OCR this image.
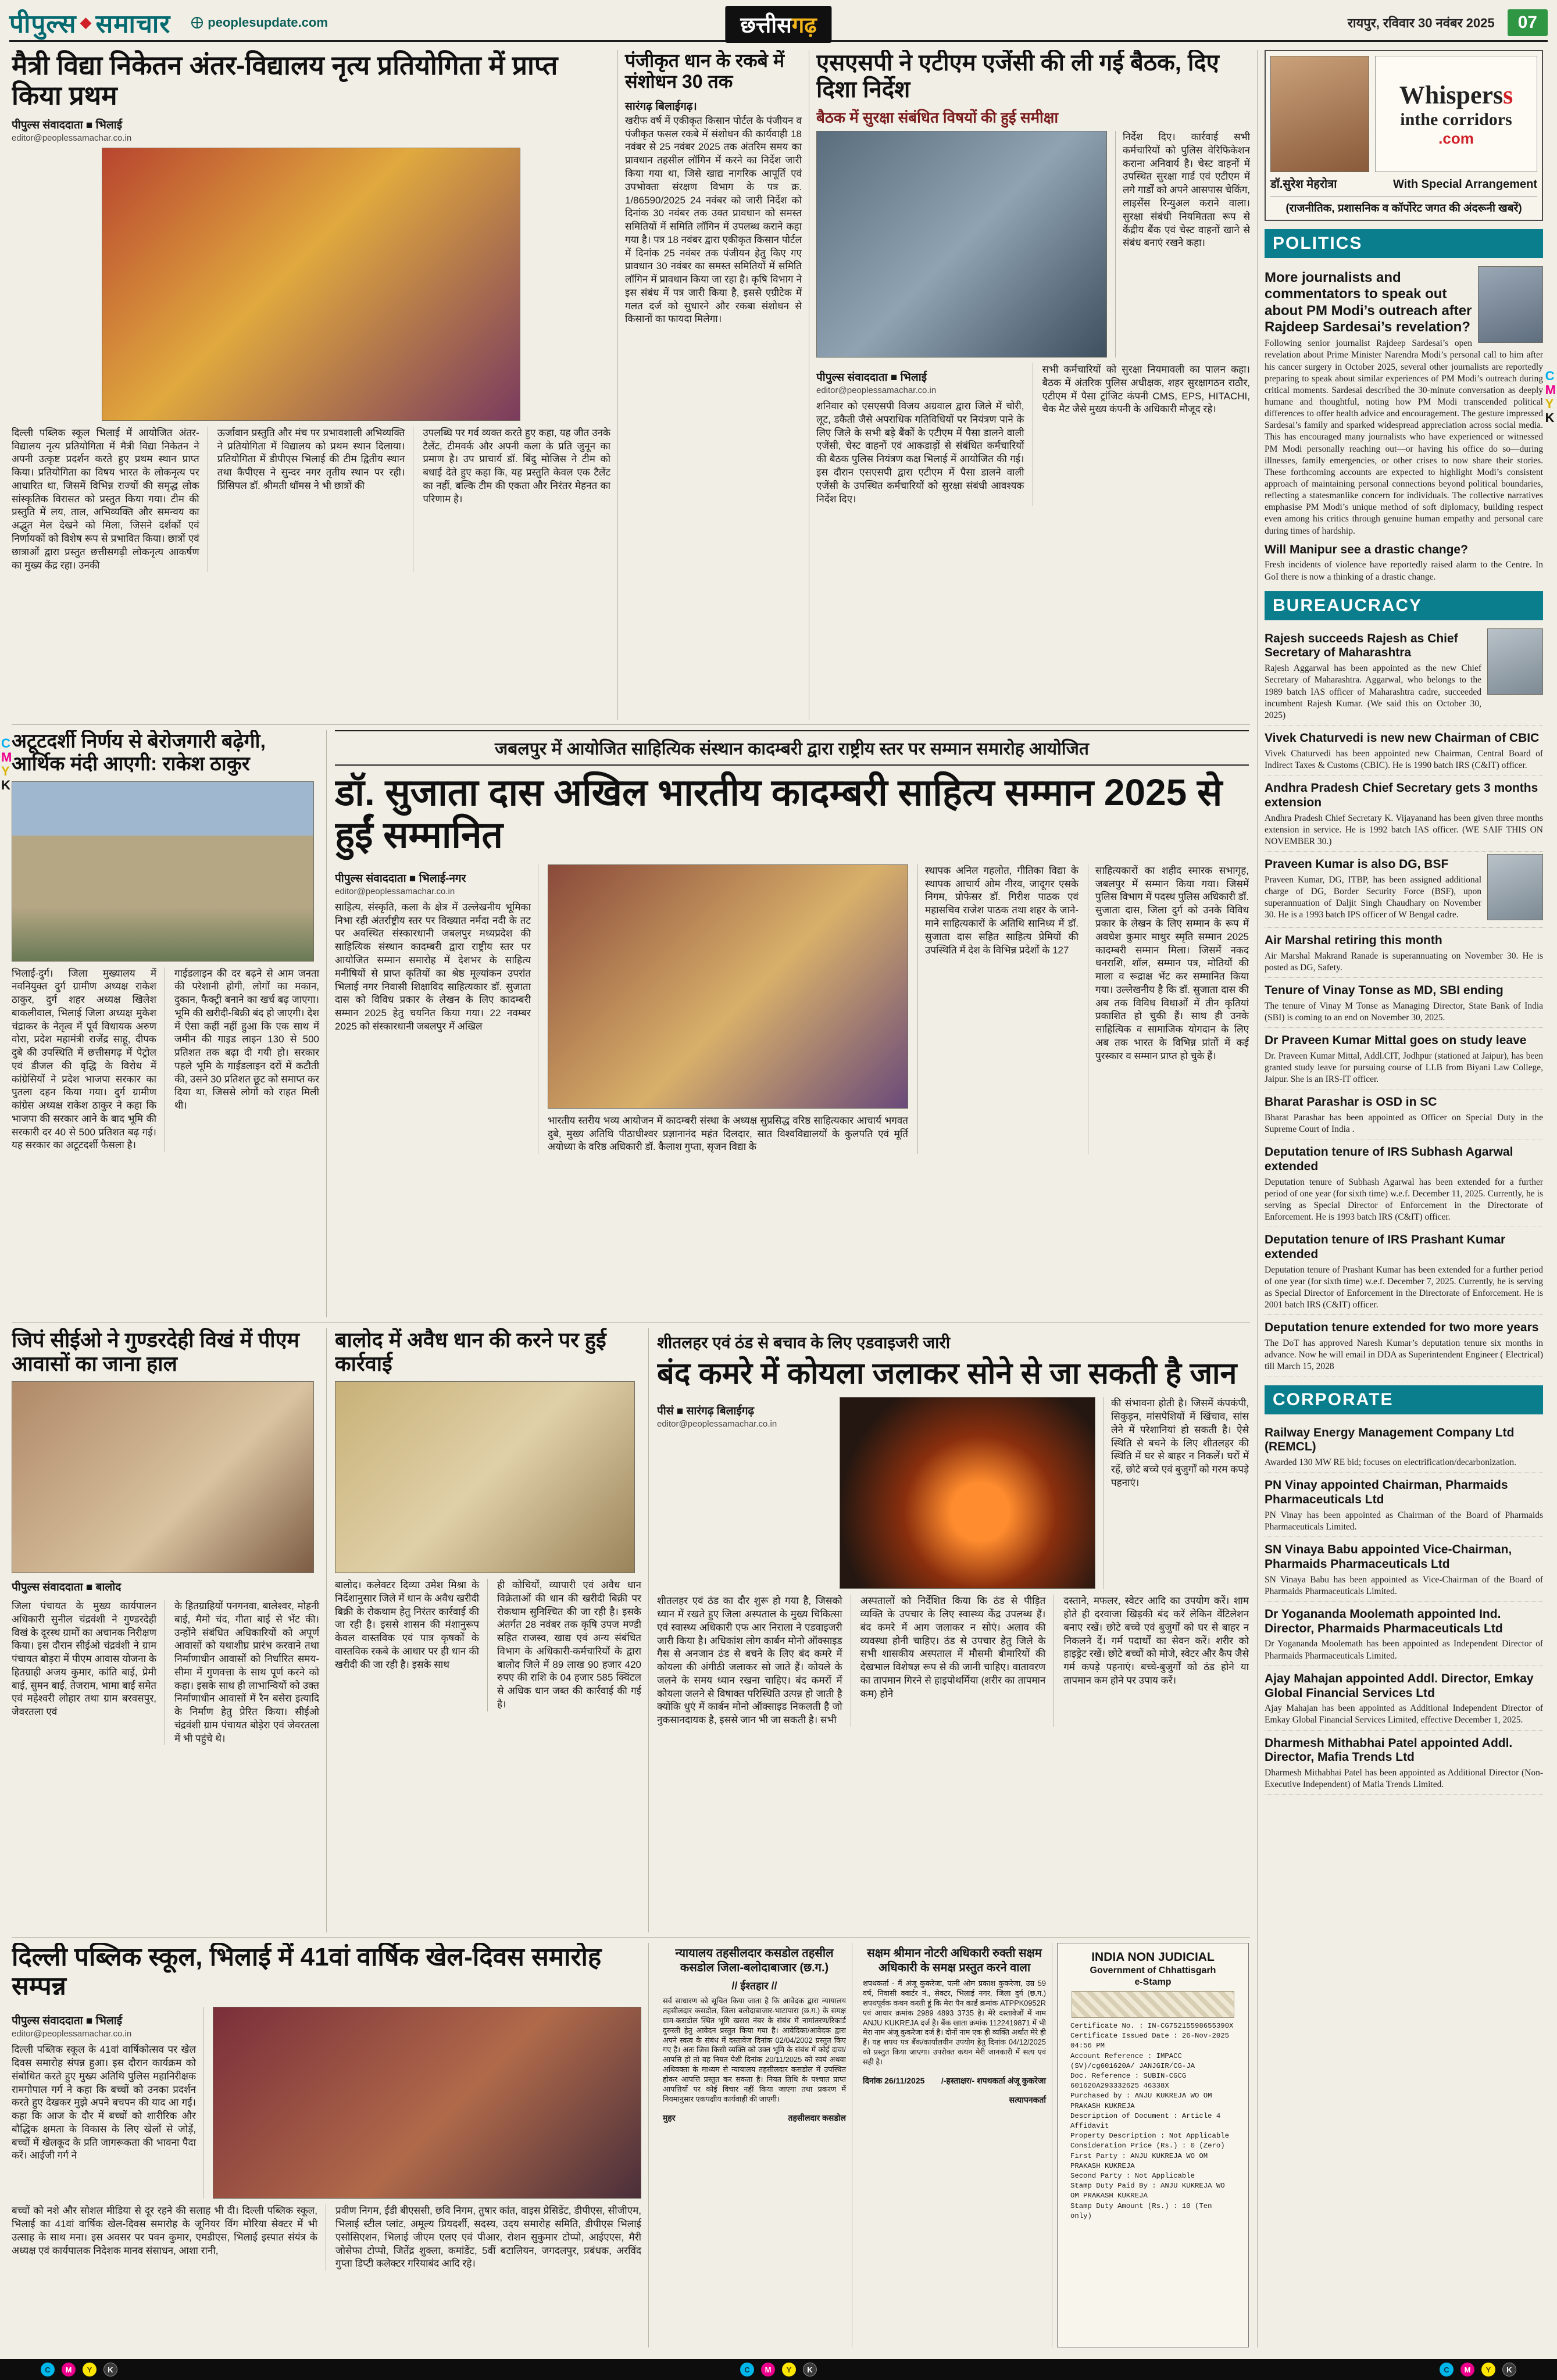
पीपुल्स ◆ समाचार	peoplesupdate.com	छत्तीसगढ़	रायपुर, रविवार 30 नवंबर 2025	07
मैत्री विद्या निकेतन अंतर-विद्यालय नृत्य प्रतियोगिता में प्राप्त किया प्रथम
पीपुल्स संवाददाता ■ भिलाई
editor@peoplessamachar.co.in
दिल्ली पब्लिक स्कूल भिलाई में आयोजित अंतर-विद्यालय नृत्य प्रतियोगिता में मैत्री विद्या निकेतन ने अपनी उत्कृष्ट प्रदर्शन करते हुए प्रथम स्थान प्राप्त किया। प्रतियोगिता का विषय भारत के लोकनृत्य पर आधारित था, जिसमें विभिन्न राज्यों की समृद्ध लोक सांस्कृतिक विरासत को प्रस्तुत किया गया। टीम की प्रस्तुति में लय, ताल, अभिव्यक्ति और समन्वय का अद्भुत मेल देखने को मिला, जिसने दर्शकों एवं निर्णायकों को विशेष रूप से प्रभावित किया। छात्रों एवं छात्राओं द्वारा प्रस्तुत छत्तीसगढ़ी लोकनृत्य आकर्षण का मुख्य केंद्र रहा। उनकी
ऊर्जावान प्रस्तुति और मंच पर प्रभावशाली अभिव्यक्ति ने प्रतियोगिता में विद्यालय को प्रथम स्थान दिलाया। प्रतियोगिता में डीपीएस भिलाई की टीम द्वितीय स्थान तथा कैपीएस ने सुन्दर नगर तृतीय स्थान पर रही। प्रिंसिपल डॉ. श्रीमती थॉमस ने भी छात्रों की
उपलब्धि पर गर्व व्यक्त करते हुए कहा, यह जीत उनके टैलेंट, टीमवर्क और अपनी कला के प्रति जुनून का प्रमाण है। उप प्राचार्य डॉ. बिंदु मोजिस ने टीम को बधाई देते हुए कहा कि, यह प्रस्तुति केवल एक टैलेंट का नहीं, बल्कि टीम की एकता और निरंतर मेहनत का परिणाम है।
पंजीकृत धान के रकबे में संशोधन 30 तक
सारंगढ़ बिलाईगढ़।
खरीफ वर्ष में एकीकृत किसान पोर्टल के पंजीयन व पंजीकृत फसल रकबे में संशोधन की कार्यवाही 18 नवंबर से 25 नवंबर 2025 तक अंतरिम समय का प्रावधान तहसील लॉगिन में करने का निर्देश जारी किया गया था, जिसे खाद्य नागरिक आपूर्ति एवं उपभोक्ता संरक्षण विभाग के पत्र क्र. 1/86590/2025 24 नवंबर को जारी निर्देश को दिनांक 30 नवंबर तक उक्त प्रावधान को समस्त समितियों में समिति लॉगिन में उपलब्ध कराने कहा गया है। पत्र 18 नवंबर द्वारा एकीकृत किसान पोर्टल में दिनांक 25 नवंबर तक पंजीयन हेतु किए गए प्रावधान 30 नवंबर का समस्त समितियों में समिति लॉगिन में प्रावधान किया जा रहा है। कृषि विभाग ने इस संबंध में पत्र जारी किया है, इससे एग्रीटेक में गलत दर्ज को सुधारने और रकबा संशोधन से किसानों का फायदा मिलेगा।
एसएसपी ने एटीएम एजेंसी की ली गई बैठक, दिए दिशा निर्देश
बैठक में सुरक्षा संबंधित विषयों की हुई समीक्षा
निर्देश दिए। कार्रवाई सभी कर्मचारियों को पुलिस वेरिफिकेशन कराना अनिवार्य है। चेस्ट वाहनों में उपस्थित सुरक्षा गार्ड एवं एटीएम में लगे गार्डों को अपने आसपास चेकिंग, लाइसेंस रिन्युअल कराने वाला। सुरक्षा संबंधी नियमितता रूप से केंद्रीय बैंक एवं चेस्ट वाहनों खाने से संबंध बनाएं रखने कहा।
पीपुल्स संवाददाता ■ भिलाई
editor@peoplessamachar.co.in
शनिवार को एसएसपी विजय अग्रवाल द्वारा जिले में चोरी, लूट, डकैती जैसे अपराधिक गतिविधियों पर नियंत्रण पाने के लिए जिले के सभी बड़े बैंकों के एटीएम में पैसा डालने वाली एजेंसी, चेस्ट वाहनों एवं आकडाड़ों से संबंधित कर्मचारियों की बैठक पुलिस नियंत्रण कक्ष भिलाई में आयोजित की गई। इस दौरान एसएसपी द्वारा एटीएम में पैसा डालने वाली एजेंसी के उपस्थित कर्मचारियों को सुरक्षा संबंधी आवश्यक निर्देश दिए।
सभी कर्मचारियों को सुरक्षा नियमावली का पालन कहा। बैठक में अंतरिक पुलिस अधीक्षक, शहर सुरक्षागठन राठौर, एटीएम में पैसा ट्रांजिट कंपनी CMS, EPS, HITACHI, चैक मैट जैसे मुख्य कंपनी के अधिकारी मौजूद रहे।
अटूटदर्शी निर्णय से बेरोजगारी बढ़ेगी, आर्थिक मंदी आएगी: राकेश ठाकुर
भिलाई-दुर्ग। जिला मुख्यालय में नवनियुक्त दुर्ग ग्रामीण अध्यक्ष राकेश ठाकुर, दुर्ग शहर अध्यक्ष खिलेश बाकलीवाल, भिलाई जिला अध्यक्ष मुकेश चंद्राकर के नेतृत्व में पूर्व विधायक अरुण वोरा, प्रदेश महामंत्री राजेंद्र साहू, दीपक दुबे की उपस्थिति में छत्तीसगढ़ में पेट्रोल एवं डीजल की वृद्धि के विरोध में कांग्रेसियों ने प्रदेश भाजपा सरकार का पुतला दहन किया गया। दुर्ग ग्रामीण कांग्रेस अध्यक्ष राकेश ठाकुर ने कहा कि भाजपा की सरकार आने के बाद भूमि की सरकारी दर 40 से 500 प्रतिशत बढ़ गई। यह सरकार का अटूटदर्शी फैसला है।
गाईडलाइन की दर बढ़ने से आम जनता की परेशानी होगी, लोगों का मकान, दुकान, फैक्ट्री बनाने का खर्च बढ़ जाएगा। भूमि की खरीदी-बिक्री बंद हो जाएगी। देश में ऐसा कहीं नहीं हुआ कि एक साथ में जमीन की गाइड लाइन 130 से 500 प्रतिशत तक बढ़ा दी गयी हो। सरकार पहले भूमि के गाईडलाइन दरों में कटौती की, उसने 30 प्रतिशत छूट को समाप्त कर दिया था, जिससे लोगों को राहत मिली थी।
जबलपुर में आयोजित साहित्यिक संस्थान कादम्बरी द्वारा राष्ट्रीय स्तर पर सम्मान समारोह आयोजित
डॉ. सुजाता दास अखिल भारतीय कादम्बरी साहित्य सम्मान 2025 से हुईं सम्मानित
पीपुल्स संवाददाता ■ भिलाई-नगर
editor@peoplessamachar.co.in
साहित्य, संस्कृति, कला के क्षेत्र में उल्लेखनीय भूमिका निभा रही अंतर्राष्ट्रीय स्तर पर विख्यात नर्मदा नदी के तट पर अवस्थित संस्कारधानी जबलपुर मध्यप्रदेश की साहित्यिक संस्थान कादम्बरी द्वारा राष्ट्रीय स्तर पर आयोजित सम्मान समारोह में देशभर के साहित्य मनीषियों से प्राप्त कृतियों का श्रेष्ठ मूल्यांकन उपरांत भिलाई नगर निवासी शिक्षाविद साहित्यकार डॉ. सुजाता दास को विविध प्रकार के लेखन के लिए कादम्बरी सम्मान 2025 हेतु चयनित किया गया। 22 नवम्बर 2025 को संस्कारधानी जबलपुर में अखिल
भारतीय स्तरीय भव्य आयोजन में कादम्बरी संस्था के अध्यक्ष सुप्रसिद्ध वरिष्ठ साहित्यकार आचार्य भगवत दुबे, मुख्य अतिथि पीठाधीश्वर प्रज्ञानानंद महंत दिलदार, सात विश्वविद्यालयों के कुलपति एवं मूर्ति अयोध्या के वरिष्ठ अधिकारी डॉ. कैलाश गुप्ता, सृजन विद्या के
स्थापक अनिल गहलोत, गीतिका विद्या के स्थापक आचार्य ओम नीरव, जादूगर एसके निगम, प्रोफेसर डॉ. गिरीश पाठक एवं महासचिव राजेश पाठक तथा शहर के जाने-माने साहित्यकारों के अतिथि सानिध्य में डॉ. सुजाता दास सहित साहित्य प्रेमियों की उपस्थिति में देश के विभिन्न प्रदेशों के 127
साहित्यकारों का शहीद स्मारक सभागृह, जबलपुर में सम्मान किया गया। जिसमें पुलिस विभाग में पदस्थ पुलिस अधिकारी डॉ. सुजाता दास, जिला दुर्ग को उनके विविध प्रकार के लेखन के लिए सम्मान के रूप में अवधेश कुमार माथुर स्मृति सम्मान 2025 कादम्बरी सम्मान मिला। जिसमें नकद धनराशि, शॉल, सम्मान पत्र, मोतियों की माला व रूद्राक्ष भेंट कर सम्मानित किया गया। उल्लेखनीय है कि डॉ. सुजाता दास की अब तक विविध विधाओं में तीन कृतियां प्रकाशित हो चुकी हैं। साथ ही उनके साहित्यिक व सामाजिक योगदान के लिए अब तक भारत के विभिन्न प्रांतों में कई पुरस्कार व सम्मान प्राप्त हो चुके हैं।
जिपं सीईओ ने गुण्डरदेही विखं में पीएम आवासों का जाना हाल
पीपुल्स संवाददाता ■ बालोद
जिला पंचायत के मुख्य कार्यपालन अधिकारी सुनील चंद्रवंशी ने गुण्डरदेही विखं के दूरस्थ ग्रामों का अचानक निरीक्षण किया। इस दौरान सीईओ चंद्रवंशी ने ग्राम पंचायत बोड़रा में पीएम आवास योजना के हितग्राही अजय कुमार, कांति बाई, प्रेमी बाई, सुमन बाई, तेजराम, भामा बाई समेत एवं महेश्वरी लोहार तथा ग्राम बरवसपुर, जेवरतला एवं
के हितग्राहियों पनगनवा, बालेश्वर, मोहनी बाई, मैमो चंद, गीता बाई से भेंट की। उन्होंने संबंधित अधिकारियों को अपूर्ण आवासों को यथाशीघ्र प्रारंभ करवाने तथा निर्माणाधीन आवासों को निर्धारित समय-सीमा में गुणवत्ता के साथ पूर्ण करने को कहा। इसके साथ ही लाभान्वियों को उक्त निर्माणाधीन आवासों में रैन बसेरा इत्यादि के निर्माण हेतु प्रेरित किया। सीईओ चंद्रवंशी ग्राम पंचायत बोड़ेरा एवं जेवरतला में भी पहुंचे थे।
बालोद में अवैध धान की करने पर हुई कार्रवाई
बालोद। कलेक्टर दिव्या उमेश मिश्रा के निर्देशानुसार जिले में धान के अवैध खरीदी बिक्री के रोकथाम हेतु निरंतर कार्रवाई की जा रही है। इससे शासन की मंशानुरूप केवल वास्तविक एवं पात्र कृषकों के वास्तविक रकबे के आधार पर ही धान की खरीदी की जा रही है। इसके साथ
ही कोचियों, व्यापारी एवं अवैध धान विक्रेताओं की धान की खरीदी बिक्री पर रोकथाम सुनिश्चित की जा रही है। इसके अंतर्गत 28 नवंबर तक कृषि उपज मण्डी सहित राजस्व, खाद्य एवं अन्य संबंधित विभाग के अधिकारी-कर्मचारियों के द्वारा बालोद जिले में 89 लाख 90 हजार 420 रुपए की राशि के 04 हजार 585 क्विंटल से अधिक धान जब्त की कार्रवाई की गई है।
शीतलहर एवं ठंड से बचाव के लिए एडवाइजरी जारी
बंद कमरे में कोयला जलाकर सोने से जा सकती है जान
पीसं ■ सारंगढ़ बिलाईगढ़
editor@peoplessamachar.co.in
की संभावना होती है। जिसमें कंपकंपी, सिकुड़न, मांसपेशियों में खिंचाव, सांस लेने में परेशानियां हो सकती है। ऐसे स्थिति से बचने के लिए शीतलहर की स्थिति में घर से बाहर न निकलें। घरों में रहें, छोटे बच्चे एवं बुजुर्गों को गरम कपड़े पहनाएं।
शीतलहर एवं ठंड का दौर शुरू हो गया है, जिसको ध्यान में रखते हुए जिला अस्पताल के मुख्य चिकित्सा एवं स्वास्थ्य अधिकारी एफ आर निराला ने एडवाइजरी जारी किया है। अधिकांश लोग कार्बन मोनो ऑक्साइड गैस से अनजान ठंड से बचने के लिए बंद कमरे में कोयला की अंगीठी जलाकर सो जाते हैं। कोयले के जलने के समय ध्यान रखना चाहिए। बंद कमरों में कोयला जलने से विषाक्त परिस्थिति उत्पन्न हो जाती है क्योंकि धुएं में कार्बन मोनो ऑक्साइड निकलती है जो नुकसानदायक है, इससे जान भी जा सकती है। सभी
अस्पतालों को निर्देशित किया कि ठंड से पीड़ित व्यक्ति के उपचार के लिए स्वास्थ्य केंद्र उपलब्ध हैं। बंद कमरे में आग जलाकर न सोएं। अलाव की व्यवस्था होनी चाहिए। ठंड से उपचार हेतु जिले के सभी शासकीय अस्पताल में मौसमी बीमारियों की देखभाल विशेषज्ञ रूप से की जानी चाहिए। वातावरण का तापमान गिरने से हाइपोथर्मिया (शरीर का तापमान कम) होने
दस्ताने, मफलर, स्वेटर आदि का उपयोग करें। शाम होते ही दरवाजा खिड़की बंद करें लेकिन वेंटिलेशन बनाए रखें। छोटे बच्चे एवं बुजुर्गों को घर से बाहर न निकलने दें। गर्म पदार्थों का सेवन करें। शरीर को हाइड्रेट रखें। छोटे बच्चों को मोजे, स्वेटर और कैप जैसे गर्म कपड़े पहनाएं। बच्चे-बुजुर्गों को ठंड होने या तापमान कम होने पर उपाय करें।
दिल्ली पब्लिक स्कूल, भिलाई में 41वां वार्षिक खेल-दिवस समारोह सम्पन्न
पीपुल्स संवाददाता ■ भिलाई
editor@peoplessamachar.co.in
दिल्ली पब्लिक स्कूल के 41वां वार्षिकोत्सव पर खेल दिवस समारोह संपन्न हुआ। इस दौरान कार्यक्रम को संबोधित करते हुए मुख्य अतिथि पुलिस महानिरीक्षक रामगोपाल गर्ग ने कहा कि बच्चों को उनका प्रदर्शन करते हुए देखकर मुझे अपने बचपन की याद आ गई। कहा कि आज के दौर में बच्चों को शारीरिक और बौद्धिक क्षमता के विकास के लिए खेलों से जोड़ें, बच्चों में खेलकूद के प्रति जागरूकता की भावना पैदा करें। आईजी गर्ग ने
बच्चों को नशे और सोशल मीडिया से दूर रहने की सलाह भी दी। दिल्ली पब्लिक स्कूल, भिलाई का 41वां वार्षिक खेल-दिवस समारोह के जूनियर विंग मोरिया सेक्टर में भी उत्साह के साथ मना। इस अवसर पर पवन कुमार, एमडीएस, भिलाई इस्पात संयंत्र के अध्यक्ष एवं कार्यपालक निदेशक मानव संसाधन, आशा रानी,
प्रवीण निगम, ईडी बीएससी, छवि निगम, तुषार कांत, वाइस प्रेसिडेंट, डीपीएस, सीजीएम, भिलाई स्टील प्लांट, अमूल्य प्रियदर्शी, सदस्य, उदय समारोह समिति, डीपीएस भिलाई एसोसिएशन, भिलाई जीएम एलए एवं पीआर, रोशन सुकुमार टोप्पो, आईएएस, मैरी जोसेफा टोप्पो, जितेंद्र शुक्ला, कमांडेंट, 5वीं बटालियन, जगदलपुर, प्रबंधक, अरविंद गुप्ता डिप्टी कलेक्टर गरियाबंद आदि रहे।
न्यायालय तहसीलदार कसडोल तहसील कसडोल जिला-बलोदाबाजार (छ.ग.)
// ईश्तहार //
सर्व साधारण को सूचित किया जाता है कि आवेदक द्वारा न्यायालय तहसीलदार कसडोल, जिला बलोदाबाजार-भाटापारा (छ.ग.) के समक्ष ग्राम-कसडोल स्थित भूमि खसरा नंबर के संबंध में नामांतरण/रिकार्ड दुरुस्ती हेतु आवेदन प्रस्तुत किया गया है। आवेदिका/आवेदक द्वारा अपने स्वत्व के संबंध में दस्तावेज दिनांक 02/04/2002 प्रस्तुत किए गए हैं। अतः जिस किसी व्यक्ति को उक्त भूमि के संबंध में कोई दावा/आपत्ति हो तो वह नियत पेशी दिनांक 20/11/2025 को स्वयं अथवा अधिवक्ता के माध्यम से न्यायालय तहसीलदार कसडोल में उपस्थित होकर आपत्ति प्रस्तुत कर सकता है। नियत तिथि के पश्चात प्राप्त आपत्तियों पर कोई विचार नहीं किया जाएगा तथा प्रकरण में नियमानुसार एकपक्षीय कार्यवाही की जाएगी।
मुहर	तहसीलदार कसडोल
सक्षम श्रीमान नोटरी अधिकारी रुक्ती सक्षम अधिकारी के समक्ष प्रस्तुत करने वाला
शपथकर्ता - मैं अंजू कुकरेजा, पत्नी ओम प्रकाश कुकरेजा, उम्र 59 वर्ष, निवासी क्वार्टर नं., सेक्टर, भिलाई नगर, जिला दुर्ग (छ.ग.) शपथपूर्वक कथन करती हूं कि मेरा पैन कार्ड क्रमांक ATPPK0952R एवं आधार क्रमांक 2989 4893 3735 है। मेरे दस्तावेजों में नाम ANJU KUKREJA दर्ज है। बैंक खाता क्रमांक 1122419871 में भी मेरा नाम अंजू कुकरेजा दर्ज है। दोनों नाम एक ही व्यक्ति अर्थात मेरे ही हैं। यह शपथ पत्र बैंक/कार्यालयीन उपयोग हेतु दिनांक 04/12/2025 को प्रस्तुत किया जाएगा। उपरोक्त कथन मेरी जानकारी में सत्य एवं सही है।
दिनांक 26/11/2025 /-हस्ताक्षर/- शपथकर्ता अंजू कुकरेजा
सत्यापनकर्ता
INDIA NON JUDICIAL
Government of Chhattisgarh
e-Stamp
Certificate No. : IN-CG75215598655390X
Certificate Issued Date : 26-Nov-2025 04:56 PM
Account Reference : IMPACC (SV)/cg601620A/ JANJGIR/CG-JA
Doc. Reference : SUBIN-CGCG 601620A293332625 46338X
Purchased by : ANJU KUKREJA WO OM PRAKASH KUKREJA
Description of Document : Article 4 Affidavit
Property Description : Not Applicable
Consideration Price (Rs.) : 0 (Zero)
First Party : ANJU KUKREJA WO OM PRAKASH KUKREJA
Second Party : Not Applicable
Stamp Duty Paid By : ANJU KUKREJA WO OM PRAKASH KUKREJA
Stamp Duty Amount (Rs.) : 10 (Ten only)
Whisperss
inthe corridors
.com
डॉ.सुरेश मेहरोत्रा	With Special Arrangement
(राजनीतिक, प्रशासनिक व कॉर्पोरेट जगत की अंदरूनी खबरें)
POLITICS
More journalists and commentators to speak out about PM Modi’s outreach after Rajdeep Sardesai’s revelation?

Following senior journalist Rajdeep Sardesai’s open revelation about Prime Minister Narendra Modi’s personal call to him after his cancer surgery in October 2025, several other journalists are reportedly preparing to speak about similar experiences of PM Modi’s outreach during critical moments. Sardesai described the 30-minute conversation as deeply humane and thoughtful, noting how PM Modi transcended political differences to offer health advice and encouragement. The gesture impressed Sardesai’s family and sparked widespread appreciation across social media. This has encouraged many journalists who have experienced or witnessed PM Modi personally reaching out—or having his office do so—during illnesses, family emergencies, or other crises to now share their stories. These forthcoming accounts are expected to highlight Modi’s consistent approach of maintaining personal connections beyond political boundaries, reflecting a statesmanlike concern for individuals. The collective narratives emphasise PM Modi’s unique method of soft diplomacy, building respect even among his critics through genuine human empathy and personal care during times of hardship.

Will Manipur see a drastic change?

Fresh incidents of violence have reportedly raised alarm to the Centre. In GoI there is now a thinking of a drastic change.

BUREAUCRACY
Rajesh succeeds Rajesh as Chief Secretary of Maharashtra

Rajesh Aggarwal has been appointed as the new Chief Secretary of Maharashtra. Aggarwal, who belongs to the 1989 batch IAS officer of Maharashtra cadre, succeeded incumbent Rajesh Kumar. (We said this on October 30, 2025)

Vivek Chaturvedi is new new Chairman of CBIC

Vivek Chaturvedi has been appointed new Chairman, Central Board of Indirect Taxes & Customs (CBIC). He is 1990 batch IRS (C&IT) officer.

Andhra Pradesh Chief Secretary gets 3 months extension

Andhra Pradesh Chief Secretary K. Vijayanand has been given three months extension in service. He is 1992 batch IAS officer. (WE SAIF THIS ON NOVEMBER 30.)

Praveen Kumar is also DG, BSF

Praveen Kumar, DG, ITBP, has been assigned additional charge of DG, Border Security Force (BSF), upon superannuation of Daljit Singh Chaudhary on November 30. He is a 1993 batch IPS officer of W Bengal cadre.

Air Marshal retiring this month

Air Marshal Makrand Ranade is superannuating on November 30. He is posted as DG, Safety.

Tenure of Vinay Tonse as MD, SBI ending

The tenure of Vinay M Tonse as Managing Director, State Bank of India (SBI) is coming to an end on November 30, 2025.

Dr Praveen Kumar Mittal goes on study leave

Dr. Praveen Kumar Mittal, Addl.CIT, Jodhpur (stationed at Jaipur), has been granted study leave for pursuing course of LLB from Biyani Law College, Jaipur. She is an IRS-IT officer.

Bharat Parashar is OSD in SC

Bharat Parashar has been appointed as Officer on Special Duty in the Supreme Court of India .

Deputation tenure of IRS Subhash Agarwal extended

Deputation tenure of Subhash Agarwal has been extended for a further period of one year (for sixth time) w.e.f. December 11, 2025. Currently, he is serving as Special Director of Enforcement in the Directorate of Enforcement. He is 1993 batch IRS (C&IT) officer.

Deputation tenure of IRS Prashant Kumar extended

Deputation tenure of Prashant Kumar has been extended for a further period of one year (for sixth time) w.e.f. December 7, 2025. Currently, he is serving as Special Director of Enforcement in the Directorate of Enforcement. He is 2001 batch IRS (C&IT) officer.

Deputation tenure extended for two more years

The DoT has approved Naresh Kumar’s deputation tenure six months in advance. Now he will email in DDA as Superintendent Engineer ( Electrical) till March 15, 2028

CORPORATE
Railway Energy Management Company Ltd (REMCL)

Awarded 130 MW RE bid; focuses on electrification/decarbonization.

PN Vinay appointed Chairman, Pharmaids Pharmaceuticals Ltd

PN Vinay has been appointed as Chairman of the Board of Pharmaids Pharmaceuticals Limited.

SN Vinaya Babu appointed Vice-Chairman, Pharmaids Pharmaceuticals Ltd

SN Vinaya Babu has been appointed as Vice-Chairman of the Board of Pharmaids Pharmaceuticals Limited.

Dr Yogananda Moolemath appointed Ind. Director, Pharmaids Pharmaceuticals Ltd

Dr Yogananda Moolemath has been appointed as Independent Director of Pharmaids Pharmaceuticals Limited.

Ajay Mahajan appointed Addl. Director, Emkay Global Financial Services Ltd

Ajay Mahajan has been appointed as Additional Independent Director of Emkay Global Financial Services Limited, effective December 1, 2025.

Dharmesh Mithabhai Patel appointed Addl. Director, Mafia Trends Ltd

Dharmesh Mithabhai Patel has been appointed as Additional Director (Non-Executive Independent) of Mafia Trends Limited.

C
M
Y
K
C
M
Y
K
C	M	Y	K	C	M	Y	K	C	M	Y	K
